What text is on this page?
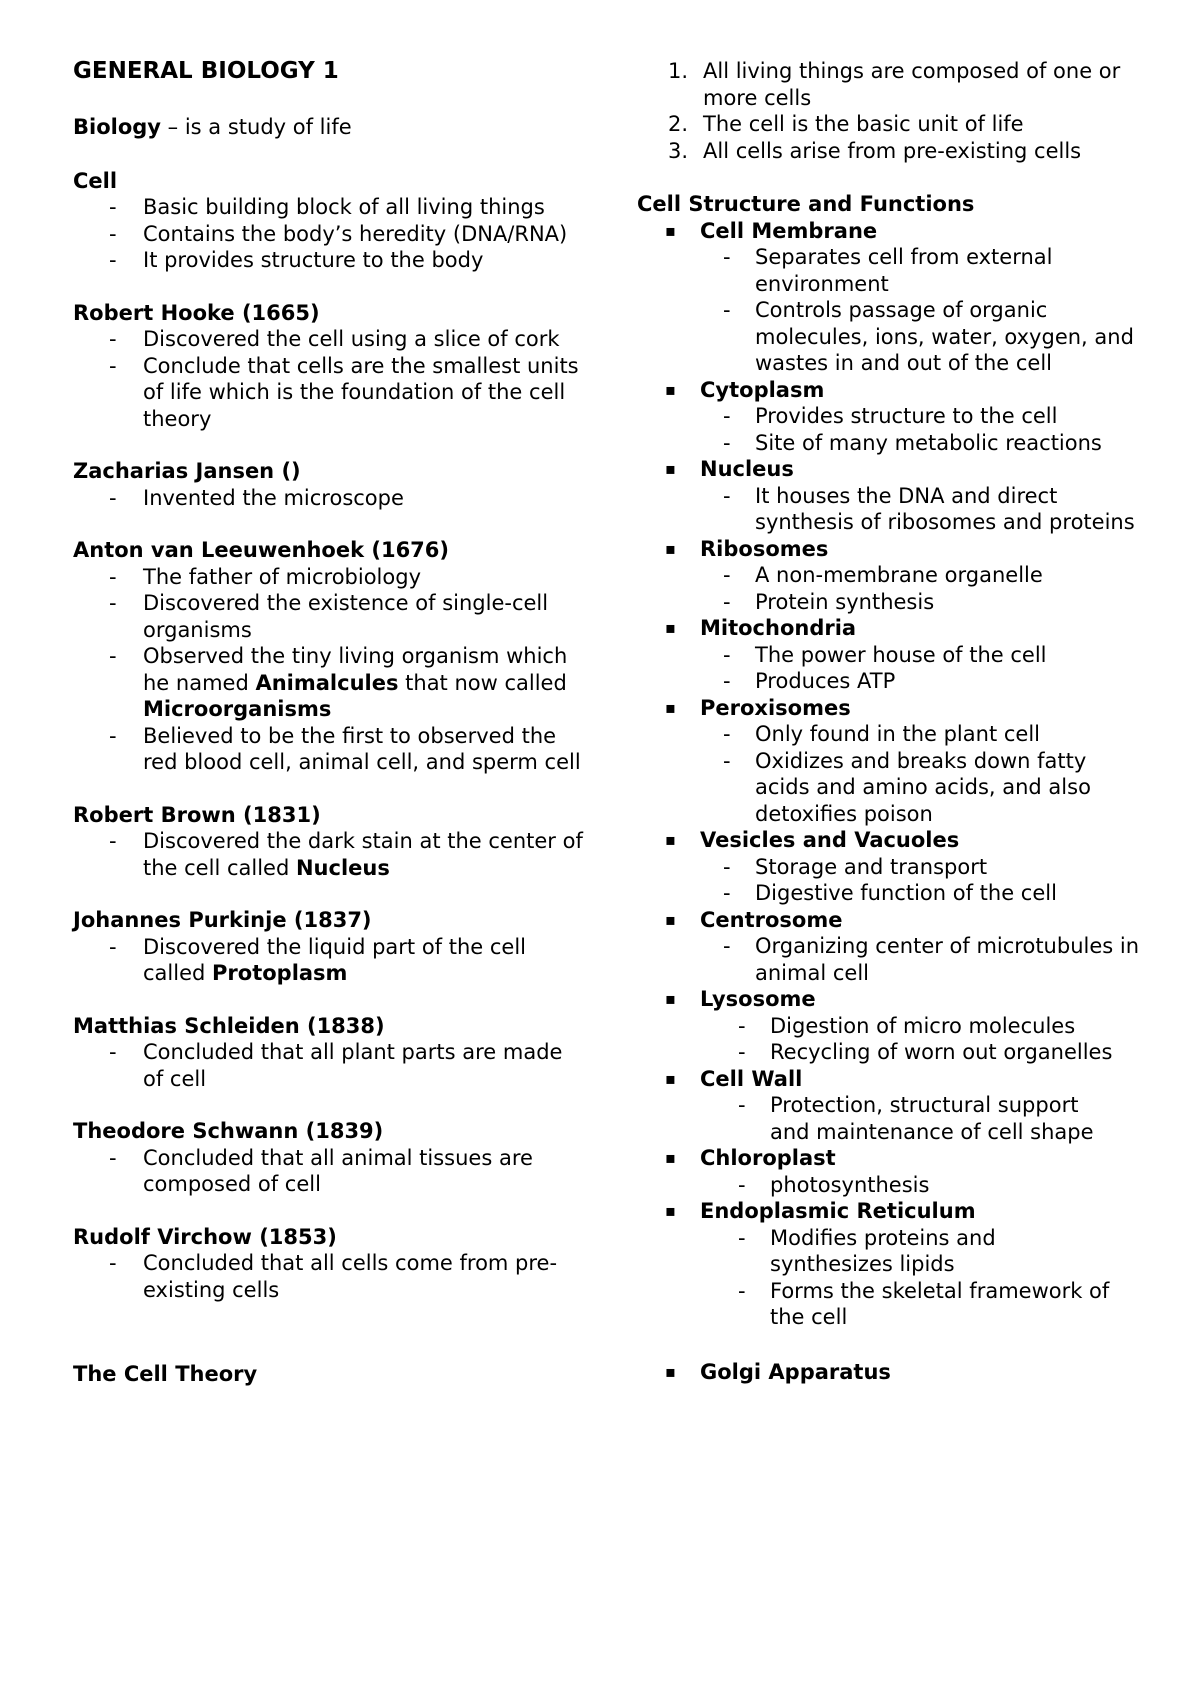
GENERAL BIOLOGY 1

Biology – is a study of life

Cell
- Basic building block of all living things
- Contains the body’s heredity (DNA/RNA)
- It provides structure to the body
Robert Hooke (1665)
- Discovered the cell using a slice of cork
- Conclude that cells are the smallest units of life which is the foundation of the cell theory
Zacharias Jansen ()
- Invented the microscope
Anton van Leeuwenhoek (1676)
- The father of microbiology
- Discovered the existence of single-cell organisms
- Observed the tiny living organism which he named Animalcules that now called Microorganisms
- Believed to be the first to observed the red blood cell, animal cell, and sperm cell
Robert Brown (1831)
- Discovered the dark stain at the center of the cell called Nucleus
Johannes Purkinje (1837)
- Discovered the liquid part of the cell called Protoplasm
Matthias Schleiden (1838)
- Concluded that all plant parts are made of cell
Theodore Schwann (1839)
- Concluded that all animal tissues are composed of cell
Rudolf Virchow (1853)
- Concluded that all cells come from pre-existing cells
The Cell Theory
1. All living things are composed of one or more cells
2. The cell is the basic unit of life
3. All cells arise from pre-existing cells
Cell Structure and Functions
▪ Cell Membrane
- Separates cell from external environment
- Controls passage of organic molecules, ions, water, oxygen, and wastes in and out of the cell
▪ Cytoplasm
- Provides structure to the cell
- Site of many metabolic reactions
▪ Nucleus
- It houses the DNA and direct synthesis of ribosomes and proteins
▪ Ribosomes
- A non-membrane organelle
- Protein synthesis
▪ Mitochondria
- The power house of the cell
- Produces ATP
▪ Peroxisomes
- Only found in the plant cell
- Oxidizes and breaks down fatty acids and amino acids, and also detoxifies poison
▪ Vesicles and Vacuoles
- Storage and transport
- Digestive function of the cell
▪ Centrosome
- Organizing center of microtubules in animal cell
▪ Lysosome
- Digestion of micro molecules
- Recycling of worn out organelles
▪ Cell Wall
- Protection, structural support and maintenance of cell shape
▪ Chloroplast
- photosynthesis
▪ Endoplasmic Reticulum
- Modifies proteins and synthesizes lipids
- Forms the skeletal framework of the cell
▪ Golgi Apparatus
